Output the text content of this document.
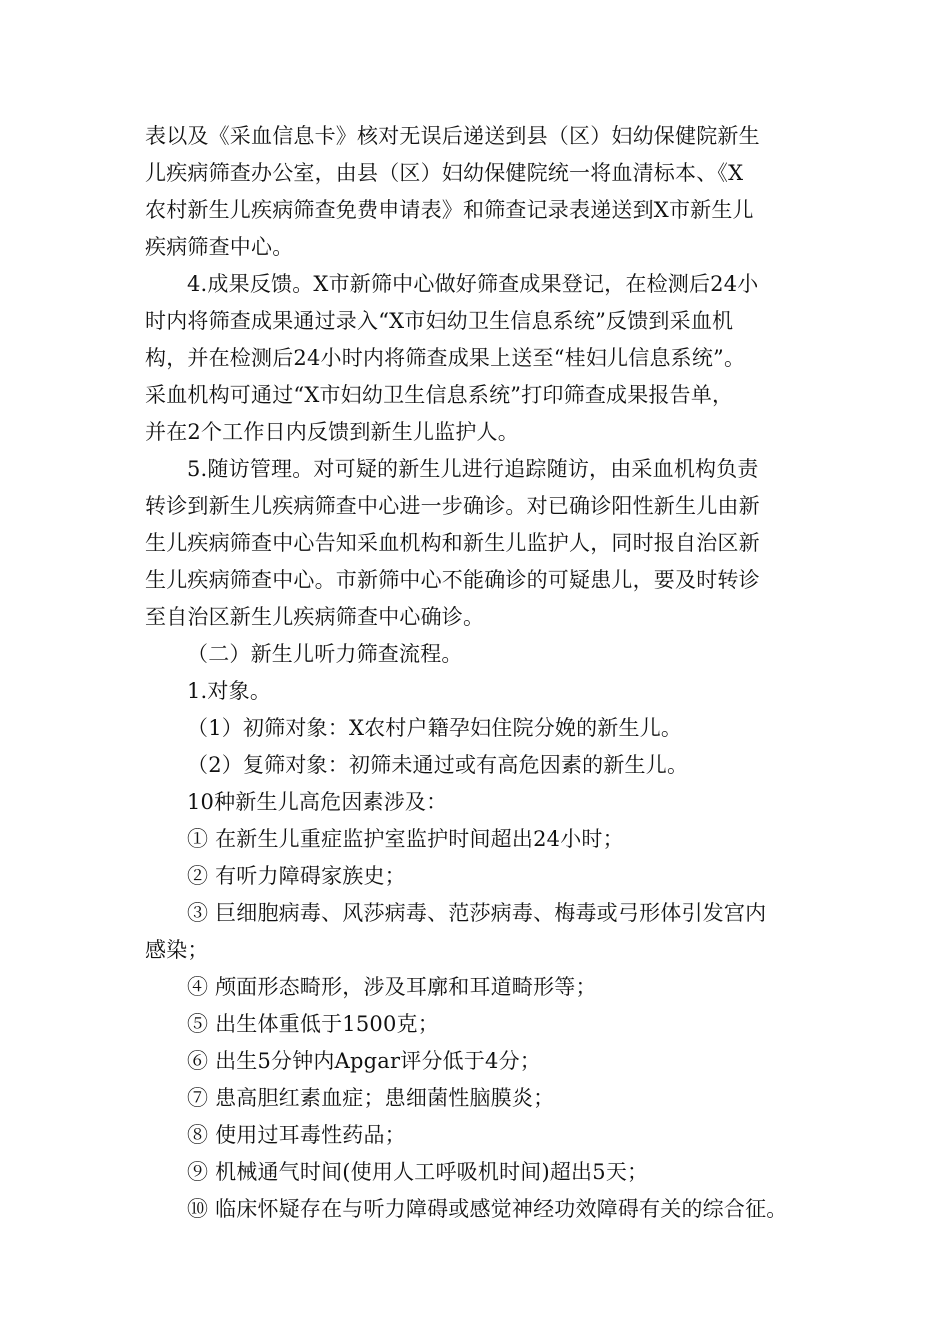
表以及《采血信息卡》核对无误后递送到县（区）妇幼保健院新生
儿疾病筛查办公室，由县（区）妇幼保健院统一将血清标本、《X
农村新生儿疾病筛查免费申请表》和筛查记录表递送到X市新生儿
疾病筛查中心。
4.成果反馈。X市新筛中心做好筛查成果登记，在检测后24小
时内将筛查成果通过录入“X市妇幼卫生信息系统”反馈到采血机
构，并在检测后24小时内将筛查成果上送至“桂妇儿信息系统”。
采血机构可通过“X市妇幼卫生信息系统”打印筛查成果报告单，
并在2个工作日内反馈到新生儿监护人。
5.随访管理。对可疑的新生儿进行追踪随访，由采血机构负责
转诊到新生儿疾病筛查中心进一步确诊。对已确诊阳性新生儿由新
生儿疾病筛查中心告知采血机构和新生儿监护人，同时报自治区新
生儿疾病筛查中心。市新筛中心不能确诊的可疑患儿，要及时转诊
至自治区新生儿疾病筛查中心确诊。
（二）新生儿听力筛查流程。
1.对象。
（1）初筛对象：X农村户籍孕妇住院分娩的新生儿。
（2）复筛对象：初筛未通过或有高危因素的新生儿。
10种新生儿高危因素涉及：
① 在新生儿重症监护室监护时间超出24小时；
② 有听力障碍家族史；
③ 巨细胞病毒、风莎病毒、范莎病毒、梅毒或弓形体引发宫内
感染；
④ 颅面形态畸形，涉及耳廓和耳道畸形等；
⑤ 出生体重低于1500克；
⑥ 出生5分钟内Apgar评分低于4分；
⑦ 患高胆红素血症；患细菌性脑膜炎；
⑧ 使用过耳毒性药品；
⑨ 机械通气时间(使用人工呼吸机时间)超出5天；
⑩ 临床怀疑存在与听力障碍或感觉神经功效障碍有关的综合征。
